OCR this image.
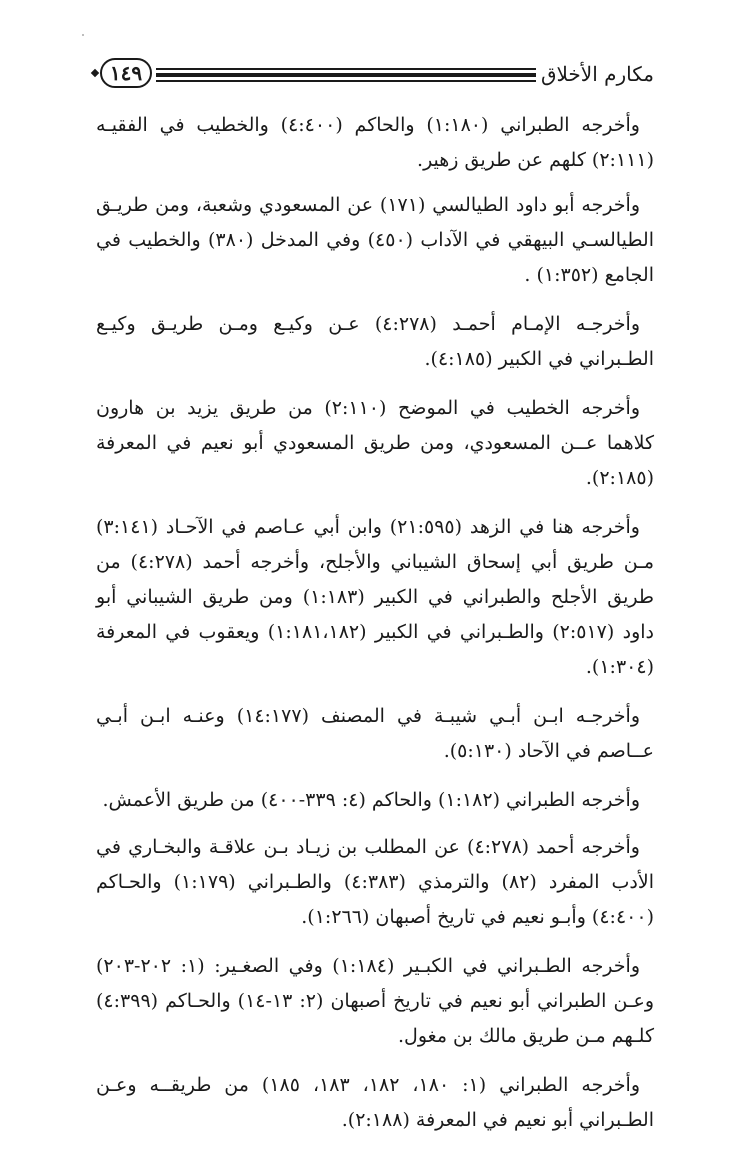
مكارم الأخلاق
١٤٩

وأخرجه الطبراني (١:١٨٠) والحاكم (٤:٤٠٠) والخطيب في الفقيـه (٢:١١١) كلهم عن طريق زهير.

وأخرجه أبو داود الطيالسي (١٧١) عن المسعودي وشعبة، ومن طريـق الطيالسـي البيهقي في الآداب (٤٥٠) وفي المدخل (٣٨٠) والخطيب في الجامع (١:٣٥٢) .

وأخرجـه الإمـام أحمـد (٤:٢٧٨) عـن وكيـع ومـن طريـق وكيـع الطـبراني في الكبير (٤:١٨٥).

وأخرجه الخطيب في الموضح (٢:١١٠) من طريق يزيد بن هارون كلاهما عــن المسعودي، ومن طريق المسعودي أبو نعيم في المعرفة (٢:١٨٥).

وأخرجه هنا في الزهد (٢١:٥٩٥) وابن أبي عـاصم في الآحـاد (٣:١٤١) مـن طريق أبي إسحاق الشيباني والأجلح، وأخرجه أحمد (٤:٢٧٨) من طريق الأجلح والطبراني في الكبير (١:١٨٣) ومن طريق الشيباني أبو داود (٢:٥١٧) والطـبراني في الكبير (١:١٨١،١٨٢) ويعقوب في المعرفة (١:٣٠٤).

وأخرجـه ابـن أبـي شيبـة في المصنف (١٤:١٧٧) وعنـه ابـن أبـي عــاصم في الآحاد (٥:١٣٠).

وأخرجه الطبراني (١:١٨٢) والحاكم (٤: ٣٣٩-٤٠٠) من طريق الأعمش.

وأخرجه أحمد (٤:٢٧٨) عن المطلب بن زيـاد بـن علاقـة والبخـاري في الأدب المفرد (٨٢) والترمذي (٤:٣٨٣) والطـبراني (١:١٧٩) والحـاكم (٤:٤٠٠) وأبـو نعيم في تاريخ أصبهان (١:٢٦٦).

وأخرجه الطـبراني في الكبـير (١:١٨٤) وفي الصغـير: (١: ٢٠٢-٢٠٣) وعـن الطبراني أبو نعيم في تاريخ أصبهان (٢: ١٣-١٤) والحـاكم (٤:٣٩٩) كلـهم مـن طريق مالك بن مغول.

وأخرجه الطبراني (١: ١٨٠، ١٨٢، ١٨٣، ١٨٥) من طريقــه وعـن الطـبراني أبو نعيم في المعرفة (٢:١٨٨).
